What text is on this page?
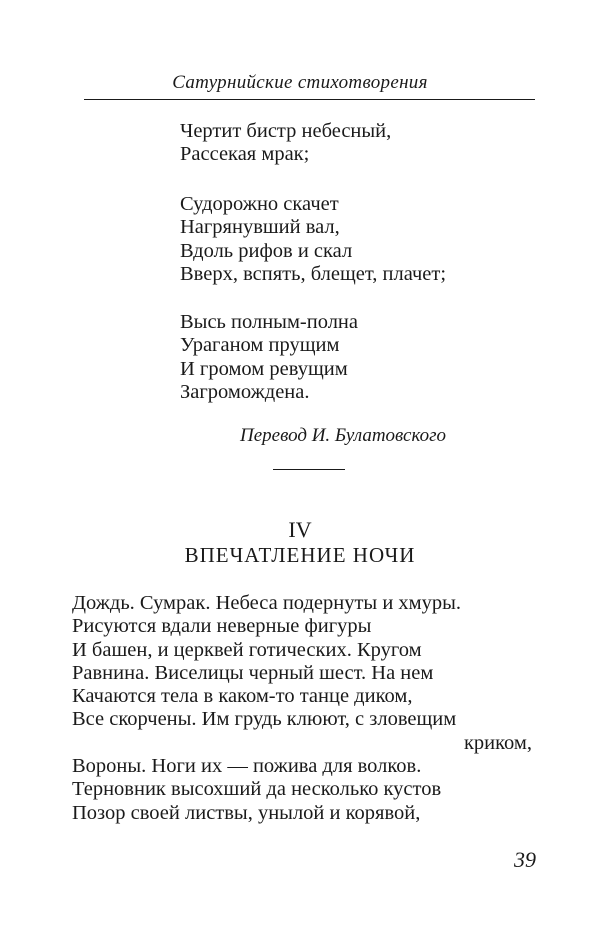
Сатурнийские стихотворения
Чертит бистр небесный,
Рассекая мрак;
Судорожно скачет
Нагрянувший вал,
Вдоль рифов и скал
Вверх, вспять, блещет, плачет;
Высь полным-полна
Ураганом прущим
И громом ревущим
Загромождена.
Перевод И. Булатовского
IV
ВПЕЧАТЛЕНИЕ НОЧИ
Дождь. Сумрак. Небеса подернуты и хмуры.
Рисуются вдали неверные фигуры
И башен, и церквей готических. Кругом
Равнина. Виселицы черный шест. На нем
Качаются тела в каком-то танце диком,
Все скорчены. Им грудь клюют, с зловещим
криком,
Вороны. Ноги их — пожива для волков.
Терновник высохший да несколько кустов
Позор своей листвы, унылой и корявой,
39
